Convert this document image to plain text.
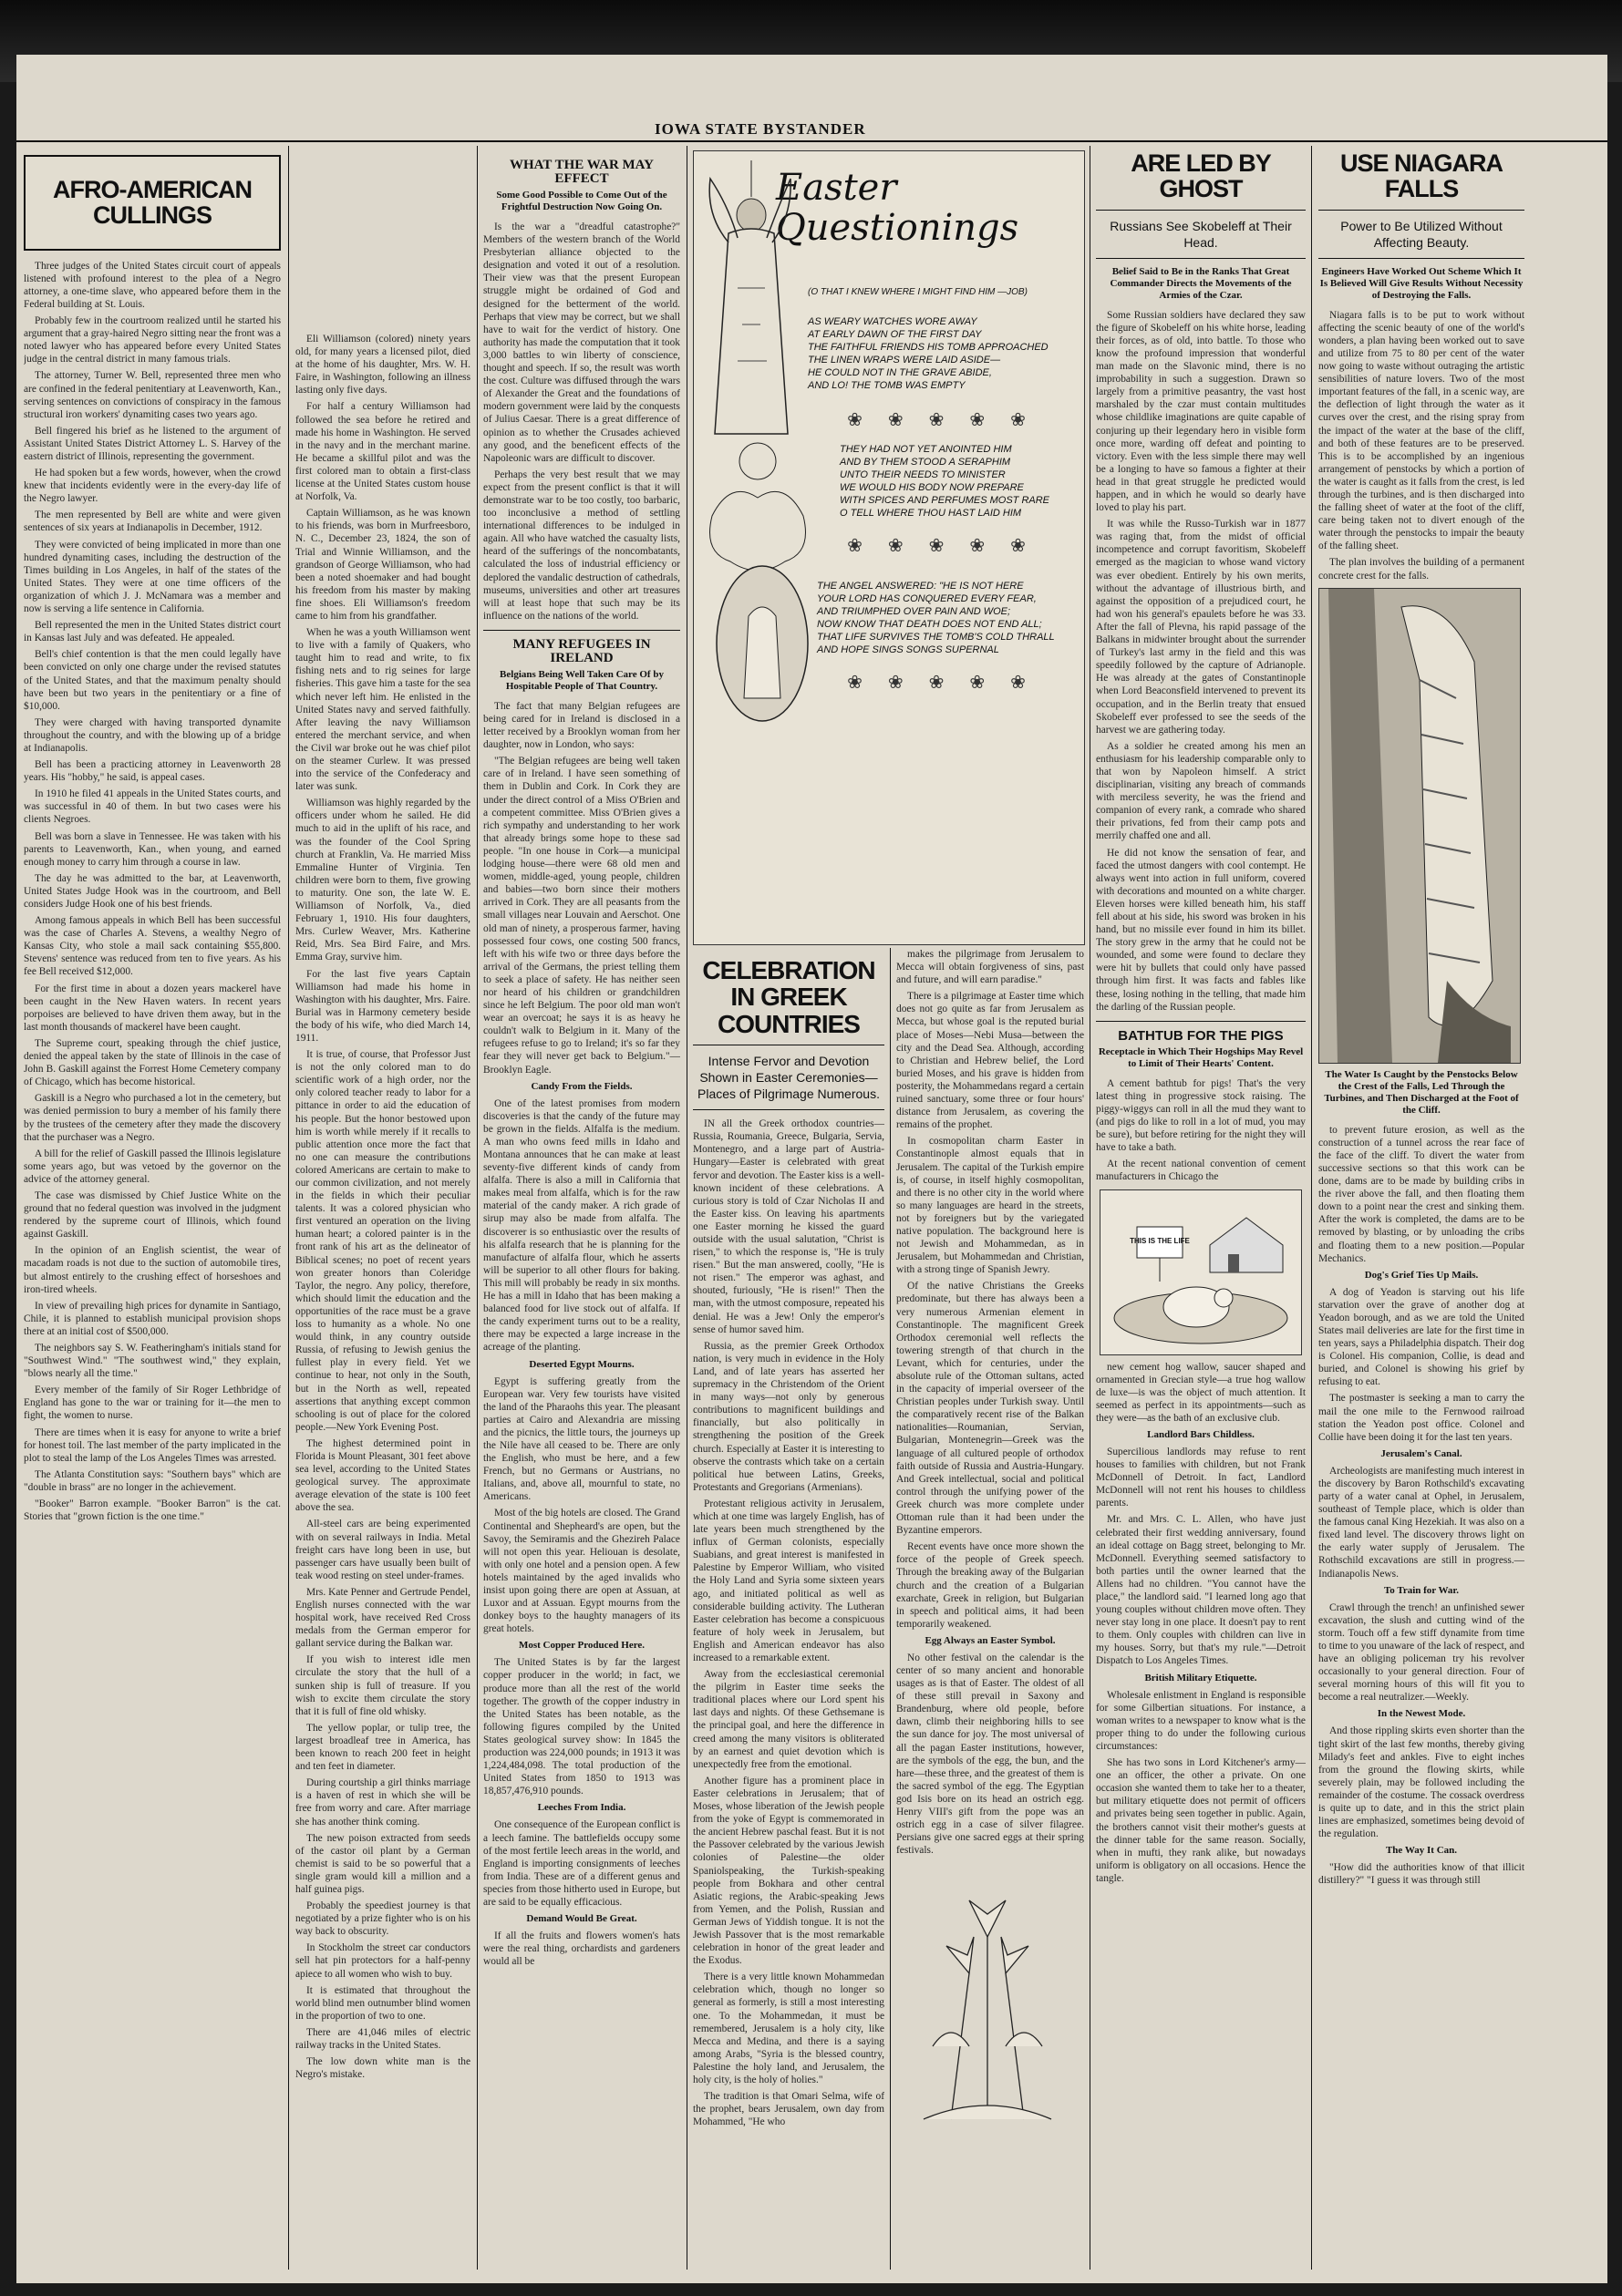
IOWA STATE BYSTANDER
AFRO-AMERICAN CULLINGS

Three judges of the United States circuit court of appeals listened with profound interest to the plea of a Negro attorney, a one-time slave, who appeared before them in the Federal building at St. Louis.

Probably few in the courtroom realized until he started his argument that a gray-haired Negro sitting near the front was a noted lawyer who has appeared before every United States judge in the central district in many famous trials.

The attorney, Turner W. Bell, represented three men who are confined in the federal penitentiary at Leavenworth, Kan., serving sentences on convictions of conspiracy in the famous structural iron workers' dynamiting cases two years ago.

Bell fingered his brief as he listened to the argument of Assistant United States District Attorney L. S. Harvey of the eastern district of Illinois, representing the government.

He had spoken but a few words, however, when the crowd knew that incidents evidently were in the every-day life of the Negro lawyer.

The men represented by Bell are white and were given sentences of six years at Indianapolis in December, 1912.

They were convicted of being implicated in more than one hundred dynamiting cases, including the destruction of the Times building in Los Angeles, in half of the states of the United States. They were at one time officers of the organization of which J. J. McNamara was a member and now is serving a life sentence in California.

Bell represented the men in the United States district court in Kansas last July and was defeated. He appealed.

Bell's chief contention is that the men could legally have been convicted on only one charge under the revised statutes of the United States, and that the maximum penalty should have been but two years in the penitentiary or a fine of $10,000.

They were charged with having transported dynamite throughout the country, and with the blowing up of a bridge at Indianapolis.

Bell has been a practicing attorney in Leavenworth 28 years. His "hobby," he said, is appeal cases.

In 1910 he filed 41 appeals in the United States courts, and was successful in 40 of them. In but two cases were his clients Negroes.

Bell was born a slave in Tennessee. He was taken with his parents to Leavenworth, Kan., when young, and earned enough money to carry him through a course in law.

The day he was admitted to the bar, at Leavenworth, United States Judge Hook was in the courtroom, and Bell considers Judge Hook one of his best friends.

Among famous appeals in which Bell has been successful was the case of Charles A. Stevens, a wealthy Negro of Kansas City, who stole a mail sack containing $55,800. Stevens' sentence was reduced from ten to five years. As his fee Bell received $12,000.

For the first time in about a dozen years mackerel have been caught in the New Haven waters. In recent years porpoises are believed to have driven them away, but in the last month thousands of mackerel have been caught.

The Supreme court, speaking through the chief justice, denied the appeal taken by the state of Illinois in the case of John B. Gaskill against the Forrest Home Cemetery company of Chicago, which has become historical.

Gaskill is a Negro who purchased a lot in the cemetery, but was denied permission to bury a member of his family there by the trustees of the cemetery after they made the discovery that the purchaser was a Negro.

A bill for the relief of Gaskill passed the Illinois legislature some years ago, but was vetoed by the governor on the advice of the attorney general.

The case was dismissed by Chief Justice White on the ground that no federal question was involved in the judgment rendered by the supreme court of Illinois, which found against Gaskill.

In the opinion of an English scientist, the wear of macadam roads is not due to the suction of automobile tires, but almost entirely to the crushing effect of horseshoes and iron-tired wheels.

In view of prevailing high prices for dynamite in Santiago, Chile, it is planned to establish municipal provision shops there at an initial cost of $500,000.

The neighbors say S. W. Featheringham's initials stand for "Southwest Wind." "The southwest wind," they explain, "blows nearly all the time."

Every member of the family of Sir Roger Lethbridge of England has gone to the war or training for it—the men to fight, the women to nurse.

There are times when it is easy for anyone to write a brief for honest toil. The last member of the party implicated in the plot to steal the lamp of the Los Angeles Times was arrested.

The Atlanta Constitution says: "Southern bays" which are "double in brass" are no longer in the achievement.

"Booker" Barron example. "Booker Barron" is the cat. Stories that "grown fiction is the one time."

Eli Williamson (colored) ninety years old, for many years a licensed pilot, died at the home of his daughter, Mrs. W. H. Faire, in Washington, following an illness lasting only five days.

For half a century Williamson had followed the sea before he retired and made his home in Washington. He served in the navy and in the merchant marine. He became a skillful pilot and was the first colored man to obtain a first-class license at the United States custom house at Norfolk, Va.

Captain Williamson, as he was known to his friends, was born in Murfreesboro, N. C., December 23, 1824, the son of Trial and Winnie Williamson, and the grandson of George Williamson, who had been a noted shoemaker and had bought his freedom from his master by making fine shoes. Eli Williamson's freedom came to him from his grandfather.

When he was a youth Williamson went to live with a family of Quakers, who taught him to read and write, to fix fishing nets and to rig seines for large fisheries. This gave him a taste for the sea which never left him. He enlisted in the United States navy and served faithfully. After leaving the navy Williamson entered the merchant service, and when the Civil war broke out he was chief pilot on the steamer Curlew. It was pressed into the service of the Confederacy and later was sunk.

Williamson was highly regarded by the officers under whom he sailed. He did much to aid in the uplift of his race, and was the founder of the Cool Spring church at Franklin, Va. He married Miss Emmaline Hunter of Virginia. Ten children were born to them, five growing to maturity. One son, the late W. E. Williamson of Norfolk, Va., died February 1, 1910. His four daughters, Mrs. Curlew Weaver, Mrs. Katherine Reid, Mrs. Sea Bird Faire, and Mrs. Emma Gray, survive him.

For the last five years Captain Williamson had made his home in Washington with his daughter, Mrs. Faire. Burial was in Harmony cemetery beside the body of his wife, who died March 14, 1911.

It is true, of course, that Professor Just is not the only colored man to do scientific work of a high order, nor the only colored teacher ready to labor for a pittance in order to aid the education of his people. But the honor bestowed upon him is worth while merely if it recalls to public attention once more the fact that no one can measure the contributions colored Americans are certain to make to our common civilization, and not merely in the fields in which their peculiar talents. It was a colored physician who first ventured an operation on the living human heart; a colored painter is in the front rank of his art as the delineator of Biblical scenes; no poet of recent years won greater honors than Coleridge Taylor, the negro. Any policy, therefore, which should limit the education and the opportunities of the race must be a grave loss to humanity as a whole. No one would think, in any country outside Russia, of refusing to Jewish genius the fullest play in every field. Yet we continue to hear, not only in the South, but in the North as well, repeated assertions that anything except common schooling is out of place for the colored people.—New York Evening Post.

The highest determined point in Florida is Mount Pleasant, 301 feet above sea level, according to the United States geological survey. The approximate average elevation of the state is 100 feet above the sea.

All-steel cars are being experimented with on several railways in India. Metal freight cars have long been in use, but passenger cars have usually been built of teak wood resting on steel under-frames.

Mrs. Kate Penner and Gertrude Pendel, English nurses connected with the war hospital work, have received Red Cross medals from the German emperor for gallant service during the Balkan war.

If you wish to interest idle men circulate the story that the hull of a sunken ship is full of treasure. If you wish to excite them circulate the story that it is full of fine old whisky.

The yellow poplar, or tulip tree, the largest broadleaf tree in America, has been known to reach 200 feet in height and ten feet in diameter.

During courtship a girl thinks marriage is a haven of rest in which she will be free from worry and care. After marriage she has another think coming.

The new poison extracted from seeds of the castor oil plant by a German chemist is said to be so powerful that a single gram would kill a million and a half guinea pigs.

Probably the speediest journey is that negotiated by a prize fighter who is on his way back to obscurity.

In Stockholm the street car conductors sell hat pin protectors for a half-penny apiece to all women who wish to buy.

It is estimated that throughout the world blind men outnumber blind women in the proportion of two to one.

There are 41,046 miles of electric railway tracks in the United States.

The low down white man is the Negro's mistake.

WHAT THE WAR MAY EFFECT
Some Good Possible to Come Out of the Frightful Destruction Now Going On.

Is the war a "dreadful catastrophe?" Members of the western branch of the World Presbyterian alliance objected to the designation and voted it out of a resolution. Their view was that the present European struggle might be ordained of God and designed for the betterment of the world. Perhaps that view may be correct, but we shall have to wait for the verdict of history. One authority has made the computation that it took 3,000 battles to win liberty of conscience, thought and speech. If so, the result was worth the cost. Culture was diffused through the wars of Alexander the Great and the foundations of modern government were laid by the conquests of Julius Caesar. There is a great difference of opinion as to whether the Crusades achieved any good, and the beneficent effects of the Napoleonic wars are difficult to discover.

Perhaps the very best result that we may expect from the present conflict is that it will demonstrate war to be too costly, too barbaric, too inconclusive a method of settling international differences to be indulged in again. All who have watched the casualty lists, heard of the sufferings of the noncombatants, calculated the loss of industrial efficiency or deplored the vandalic destruction of cathedrals, museums, universities and other art treasures will at least hope that such may be its influence on the nations of the world.

MANY REFUGEES IN IRELAND
Belgians Being Well Taken Care Of by Hospitable People of That Country.

The fact that many Belgian refugees are being cared for in Ireland is disclosed in a letter received by a Brooklyn woman from her daughter, now in London, who says:

"The Belgian refugees are being well taken care of in Ireland. I have seen something of them in Dublin and Cork. In Cork they are under the direct control of a Miss O'Brien and a competent committee. Miss O'Brien gives a rich sympathy and understanding to her work that already brings some hope to these sad people. "In one house in Cork—a municipal lodging house—there were 68 old men and women, middle-aged, young people, children and babies—two born since their mothers arrived in Cork. They are all peasants from the small villages near Louvain and Aerschot. One old man of ninety, a prosperous farmer, having possessed four cows, one costing 500 francs, left with his wife two or three days before the arrival of the Germans, the priest telling them to seek a place of safety. He has neither seen nor heard of his children or grandchildren since he left Belgium. The poor old man won't wear an overcoat; he says it is as heavy he couldn't walk to Belgium in it. Many of the refugees refuse to go to Ireland; it's so far they fear they will never get back to Belgium."—Brooklyn Eagle.

Candy From the Fields.

One of the latest promises from modern discoveries is that the candy of the future may be grown in the fields. Alfalfa is the medium. A man who owns feed mills in Idaho and Montana announces that he can make at least seventy-five different kinds of candy from alfalfa. There is also a mill in California that makes meal from alfalfa, which is for the raw material of the candy maker. A rich grade of sirup may also be made from alfalfa. The discoverer is so enthusiastic over the results of his alfalfa research that he is planning for the manufacture of alfalfa flour, which he asserts will be superior to all other flours for baking. This mill will probably be ready in six months. He has a mill in Idaho that has been making a balanced food for live stock out of alfalfa. If the candy experiment turns out to be a reality, there may be expected a large increase in the acreage of the planting.

Deserted Egypt Mourns.

Egypt is suffering greatly from the European war. Very few tourists have visited the land of the Pharaohs this year. The pleasant parties at Cairo and Alexandria are missing and the picnics, the little tours, the journeys up the Nile have all ceased to be. There are only the English, who must be here, and a few French, but no Germans or Austrians, no Italians, and, above all, mournful to state, no Americans.

Most of the big hotels are closed. The Grand Continental and Shepheard's are open, but the Savoy, the Semiramis and the Ghezireh Palace will not open this year. Heliouan is desolate, with only one hotel and a pension open. A few hotels maintained by the aged invalids who insist upon going there are open at Assuan, at Luxor and at Assuan. Egypt mourns from the donkey boys to the haughty managers of its great hotels.

Most Copper Produced Here.

The United States is by far the largest copper producer in the world; in fact, we produce more than all the rest of the world together. The growth of the copper industry in the United States has been notable, as the following figures compiled by the United States geological survey show: In 1845 the production was 224,000 pounds; in 1913 it was 1,224,484,098. The total production of the United States from 1850 to 1913 was 18,857,476,910 pounds.

Leeches From India.

One consequence of the European conflict is a leech famine. The battlefields occupy some of the most fertile leech areas in the world, and England is importing consignments of leeches from India. These are of a different genus and species from those hitherto used in Europe, but are said to be equally efficacious.

Demand Would Be Great.

If all the fruits and flowers women's hats were the real thing, orchardists and gardeners would all be

Easter Questionings
(O THAT I KNEW WHERE I MIGHT FIND HIM —JOB)
AS WEARY WATCHES WORE AWAY
AT EARLY DAWN OF THE FIRST DAY
THE FAITHFUL FRIENDS HIS TOMB APPROACHED
THE LINEN WRAPS WERE LAID ASIDE—
HE COULD NOT IN THE GRAVE ABIDE,
AND LO! THE TOMB WAS EMPTY
❀❀❀❀❀
THEY HAD NOT YET ANOINTED HIM
AND BY THEM STOOD A SERAPHIM
UNTO THEIR NEEDS TO MINISTER
WE WOULD HIS BODY NOW PREPARE
WITH SPICES AND PERFUMES MOST RARE
O TELL WHERE THOU HAST LAID HIM
❀❀❀❀❀
THE ANGEL ANSWERED: "HE IS NOT HERE
YOUR LORD HAS CONQUERED EVERY FEAR,
AND TRIUMPHED OVER PAIN AND WOE;
NOW KNOW THAT DEATH DOES NOT END ALL;
THAT LIFE SURVIVES THE TOMB'S COLD THRALL
AND HOPE SINGS SONGS SUPERNAL
❀❀❀❀❀
CELEBRATION IN GREEK COUNTRIES
Intense Fervor and Devotion Shown in Easter Ceremonies—Places of Pilgrimage Numerous.

IN all the Greek orthodox countries—Russia, Roumania, Greece, Bulgaria, Servia, Montenegro, and a large part of Austria-Hungary—Easter is celebrated with great fervor and devotion. The Easter kiss is a well-known incident of these celebrations. A curious story is told of Czar Nicholas II and the Easter kiss. On leaving his apartments one Easter morning he kissed the guard outside with the usual salutation, "Christ is risen," to which the response is, "He is truly risen." But the man answered, coolly, "He is not risen." The emperor was aghast, and shouted, furiously, "He is risen!" Then the man, with the utmost composure, repeated his denial. He was a Jew! Only the emperor's sense of humor saved him.

Russia, as the premier Greek Orthodox nation, is very much in evidence in the Holy Land, and of late years has asserted her supremacy in the Christendom of the Orient in many ways—not only by generous contributions to magnificent buildings and financially, but also politically in strengthening the position of the Greek church. Especially at Easter it is interesting to observe the contrasts which take on a certain political hue between Latins, Greeks, Protestants and Gregorians (Armenians).

Protestant religious activity in Jerusalem, which at one time was largely English, has of late years been much strengthened by the influx of German colonists, especially Suabians, and great interest is manifested in Palestine by Emperor William, who visited the Holy Land and Syria some sixteen years ago, and initiated political as well as considerable building activity. The Lutheran Easter celebration has become a conspicuous feature of holy week in Jerusalem, but English and American endeavor has also increased to a remarkable extent.

Away from the ecclesiastical ceremonial the pilgrim in Easter time seeks the traditional places where our Lord spent his last days and nights. Of these Gethsemane is the principal goal, and here the difference in creed among the many visitors is obliterated by an earnest and quiet devotion which is unexpectedly free from the emotional.

Another figure has a prominent place in Easter celebrations in Jerusalem; that of Moses, whose liberation of the Jewish people from the yoke of Egypt is commemorated in the ancient Hebrew paschal feast. But it is not the Passover celebrated by the various Jewish colonies of Palestine—the older Spaniolspeaking, the Turkish-speaking people from Bokhara and other central Asiatic regions, the Arabic-speaking Jews from Yemen, and the Polish, Russian and German Jews of Yiddish tongue. It is not the Jewish Passover that is the most remarkable celebration in honor of the great leader and the Exodus.

There is a very little known Mohammedan celebration which, though no longer so general as formerly, is still a most interesting one. To the Mohammedan, it must be remembered, Jerusalem is a holy city, like Mecca and Medina, and there is a saying among Arabs, "Syria is the blessed country, Palestine the holy land, and Jerusalem, the holy city, is the holy of holies."

The tradition is that Omari Selma, wife of the prophet, bears Jerusalem, own day from Mohammed, "He who

makes the pilgrimage from Jerusalem to Mecca will obtain forgiveness of sins, past and future, and will earn paradise."

There is a pilgrimage at Easter time which does not go quite as far from Jerusalem as Mecca, but whose goal is the reputed burial place of Moses—Nebi Musa—between the city and the Dead Sea. Although, according to Christian and Hebrew belief, the Lord buried Moses, and his grave is hidden from posterity, the Mohammedans regard a certain ruined sanctuary, some three or four hours' distance from Jerusalem, as covering the remains of the prophet.

In cosmopolitan charm Easter in Constantinople almost equals that in Jerusalem. The capital of the Turkish empire is, of course, in itself highly cosmopolitan, and there is no other city in the world where so many languages are heard in the streets, not by foreigners but by the variegated native population. The background here is not Jewish and Mohammedan, as in Jerusalem, but Mohammedan and Christian, with a strong tinge of Spanish Jewry.

Of the native Christians the Greeks predominate, but there has always been a very numerous Armenian element in Constantinople. The magnificent Greek Orthodox ceremonial well reflects the towering strength of that church in the Levant, which for centuries, under the absolute rule of the Ottoman sultans, acted in the capacity of imperial overseer of the Christian peoples under Turkish sway. Until the comparatively recent rise of the Balkan nationalities—Roumanian, Servian, Bulgarian, Montenegrin—Greek was the language of all cultured people of orthodox faith outside of Russia and Austria-Hungary. And Greek intellectual, social and political control through the unifying power of the Greek church was more complete under Ottoman rule than it had been under the Byzantine emperors.

Recent events have once more shown the force of the people of Greek speech. Through the breaking away of the Bulgarian church and the creation of a Bulgarian exarchate, Greek in religion, but Bulgarian in speech and political aims, it had been temporarily weakened.

Egg Always an Easter Symbol.

No other festival on the calendar is the center of so many ancient and honorable usages as is that of Easter. The oldest of all of these still prevail in Saxony and Brandenburg, where old people, before dawn, climb their neighboring hills to see the sun dance for joy. The most universal of all the pagan Easter institutions, however, are the symbols of the egg, the bun, and the hare—these three, and the greatest of them is the sacred symbol of the egg. The Egyptian god Isis bore on its head an ostrich egg. Henry VIII's gift from the pope was an ostrich egg in a case of silver filagree. Persians give one sacred eggs at their spring festivals.

ARE LED BY GHOST
Russians See Skobeleff at Their Head.
Belief Said to Be in the Ranks That Great Commander Directs the Movements of the Armies of the Czar.

Some Russian soldiers have declared they saw the figure of Skobeleff on his white horse, leading their forces, as of old, into battle. To those who know the profound impression that wonderful man made on the Slavonic mind, there is no improbability in such a suggestion. Drawn so largely from a primitive peasantry, the vast host marshaled by the czar must contain multitudes whose childlike imaginations are quite capable of conjuring up their legendary hero in visible form once more, warding off defeat and pointing to victory. Even with the less simple there may well be a longing to have so famous a fighter at their head in that great struggle he predicted would happen, and in which he would so dearly have loved to play his part.

It was while the Russo-Turkish war in 1877 was raging that, from the midst of official incompetence and corrupt favoritism, Skobeleff emerged as the magician to whose wand victory was ever obedient. Entirely by his own merits, without the advantage of illustrious birth, and against the opposition of a prejudiced court, he had won his general's epaulets before he was 33. After the fall of Plevna, his rapid passage of the Balkans in midwinter brought about the surrender of Turkey's last army in the field and this was speedily followed by the capture of Adrianople. He was already at the gates of Constantinople when Lord Beaconsfield intervened to prevent its occupation, and in the Berlin treaty that ensued Skobeleff ever professed to see the seeds of the harvest we are gathering today.

As a soldier he created among his men an enthusiasm for his leadership comparable only to that won by Napoleon himself. A strict disciplinarian, visiting any breach of commands with merciless severity, he was the friend and companion of every rank, a comrade who shared their privations, fed from their camp pots and merrily chaffed one and all.

He did not know the sensation of fear, and faced the utmost dangers with cool contempt. He always went into action in full uniform, covered with decorations and mounted on a white charger. Eleven horses were killed beneath him, his staff fell about at his side, his sword was broken in his hand, but no missile ever found in him its billet. The story grew in the army that he could not be wounded, and some were found to declare they were hit by bullets that could only have passed through him first. It was facts and fables like these, losing nothing in the telling, that made him the darling of the Russian people.

BATHTUB FOR THE PIGS
Receptacle in Which Their Hogships May Revel to Limit of Their Hearts' Content.

A cement bathtub for pigs! That's the very latest thing in progressive stock raising. The piggy-wiggys can roll in all the mud they want to (and pigs do like to roll in a lot of mud, you may be sure), but before retiring for the night they will have to take a bath.

At the recent national convention of cement manufacturers in Chicago the

THIS IS THE LIFE

new cement hog wallow, saucer shaped and ornamented in Grecian style—a true hog wallow de luxe—is was the object of much attention. It seemed as perfect in its appointments—such as they were—as the bath of an exclusive club.

Landlord Bars Childless.

Supercilious landlords may refuse to rent houses to families with children, but not Frank McDonnell of Detroit. In fact, Landlord McDonnell will not rent his houses to childless parents.

Mr. and Mrs. C. L. Allen, who have just celebrated their first wedding anniversary, found an ideal cottage on Bagg street, belonging to Mr. McDonnell. Everything seemed satisfactory to both parties until the owner learned that the Allens had no children. "You cannot have the place," the landlord said. "I learned long ago that young couples without children move often. They never stay long in one place. It doesn't pay to rent to them. Only couples with children can live in my houses. Sorry, but that's my rule."—Detroit Dispatch to Los Angeles Times.

British Military Etiquette.

Wholesale enlistment in England is responsible for some Gilbertian situations. For instance, a woman writes to a newspaper to know what is the proper thing to do under the following curious circumstances:

She has two sons in Lord Kitchener's army—one an officer, the other a private. On one occasion she wanted them to take her to a theater, but military etiquette does not permit of officers and privates being seen together in public. Again, the brothers cannot visit their mother's guests at the dinner table for the same reason. Socially, when in mufti, they rank alike, but nowadays uniform is obligatory on all occasions. Hence the tangle.

USE NIAGARA FALLS
Power to Be Utilized Without Affecting Beauty.
Engineers Have Worked Out Scheme Which It Is Believed Will Give Results Without Necessity of Destroying the Falls.

Niagara falls is to be put to work without affecting the scenic beauty of one of the world's wonders, a plan having been worked out to save and utilize from 75 to 80 per cent of the water now going to waste without outraging the artistic sensibilities of nature lovers. Two of the most important features of the fall, in a scenic way, are the deflection of light through the water as it curves over the crest, and the rising spray from the impact of the water at the base of the cliff, and both of these features are to be preserved. This is to be accomplished by an ingenious arrangement of penstocks by which a portion of the water is caught as it falls from the crest, is led through the turbines, and is then discharged into the falling sheet of water at the foot of the cliff, care being taken not to divert enough of the water through the penstocks to impair the beauty of the falling sheet.

The plan involves the building of a permanent concrete crest for the falls.

The Water Is Caught by the Penstocks Below the Crest of the Falls, Led Through the Turbines, and Then Discharged at the Foot of the Cliff.

to prevent future erosion, as well as the construction of a tunnel across the rear face of the face of the cliff. To divert the water from successive sections so that this work can be done, dams are to be made by building cribs in the river above the fall, and then floating them down to a point near the crest and sinking them. After the work is completed, the dams are to be removed by blasting, or by unloading the cribs and floating them to a new position.—Popular Mechanics.

Dog's Grief Ties Up Mails.

A dog of Yeadon is starving out his life starvation over the grave of another dog at Yeadon borough, and as we are told the United States mail deliveries are late for the first time in ten years, says a Philadelphia dispatch. Their dog is Colonel. His companion, Collie, is dead and buried, and Colonel is showing his grief by refusing to eat.

The postmaster is seeking a man to carry the mail the one mile to the Fernwood railroad station the Yeadon post office. Colonel and Collie have been doing it for the last ten years.

Jerusalem's Canal.

Archeologists are manifesting much interest in the discovery by Baron Rothschild's excavating party of a water canal at Ophel, in Jerusalem, southeast of Temple place, which is older than the famous canal King Hezekiah. It was also on a fixed land level. The discovery throws light on the early water supply of Jerusalem. The Rothschild excavations are still in progress.—Indianapolis News.

To Train for War.

Crawl through the trench! an unfinished sewer excavation, the slush and cutting wind of the storm. Touch off a few stiff dynamite from time to time to you unaware of the lack of respect, and have an obliging policeman try his revolver occasionally to your general direction. Four of several morning hours of this will fit you to become a real neutralizer.—Weekly.

In the Newest Mode.

And those rippling skirts even shorter than the tight skirt of the last few months, thereby giving Milady's feet and ankles. Five to eight inches from the ground the flowing skirts, while severely plain, may be followed including the remainder of the costume. The cossack overdress is quite up to date, and in this the strict plain lines are emphasized, sometimes being devoid of the regulation.

The Way It Can.

"How did the authorities know of that illicit distillery?" "I guess it was through still
